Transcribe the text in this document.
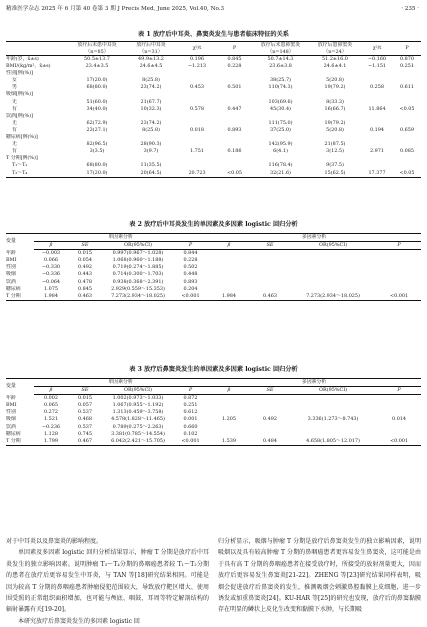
精准医学杂志 2025 年 6 月第 40 卷第 3 期 J Precis Med, June 2025, Vol.40, No.3	· 235 ·
表 1 放疗后中耳炎、鼻窦炎发生与患者临床特征的关系
	放疗后未患中耳炎
（n=85）	放疗后中耳炎
（n=31）	χ²/t	P	放疗后未患鼻窦炎
（n=148）	放疗后患鼻窦炎
（n=24）	χ²/t	P
年龄(岁，x̄±s)	50.5±13.7	49.9±13.2	0.196	0.845	50.7±14.3	51.2±16.0	−0.160	0.870
BMI/(kg/m²，x̄±s)	23.4±3.5	24.6±4.5	−1.213	0.228	23.6±3.8	24.6±4.1	−1.151	0.251
性别[例(%)]								
女	17(20.0)	8(25.8)			38(25.7)	5(20.8)		
男	68(80.0)	23(74.2)	0.453	0.501	110(74.3)	19(79.2)	0.258	0.611
吸烟[例(%)]								
无	51(60.0)	21(67.7)			103(69.6)	8(33.3)		
有	34(40.0)	10(32.3)	0.578	0.447	45(30.4)	16(66.7)	11.864	<0.05
饮酒[例(%)]								
无	62(72.9)	23(74.2)			111(75.0)	19(79.2)		
有	23(27.1)	8(25.8)	0.018	0.893	37(25.0)	5(20.8)	0.194	0.659
糖尿病[例(%)]								
无	82(96.5)	28(90.3)			142(95.9)	21(87.5)		
有	3(3.5)	3(9.7)	1.751	0.186	6(4.1)	3(12.5)	2.971	0.085
T 分期[例(%)]								
T₁～T₂	68(80.0)	11(35.5)			116(78.4)	9(37.5)		
T₃～T₄	17(20.0)	20(64.5)	20.723	<0.05	32(21.6)	15(62.5)	17.377	<0.05
表 2 放疗后中耳炎发生的单因素及多因素 logistic 回归分析
变量	单因素分析				多因素分析			
	β	SE	OR(95%CI)	P	β	SE	OR(95%CI)	P
年龄	−0.003	0.015	0.997(0.967～1.028)	0.844				
BMI	0.066	0.054	1.068(0.960～1.188)	0.228				
性别	−0.330	0.492	0.719(0.274～1.885)	0.502				
吸烟	−0.336	0.443	0.714(0.300～1.703)	0.448				
饮酒	−0.064	0.478	0.938(0.368～2.391)	0.893				
糖尿病	1.075	0.845	2.929(0.559～15.353)	0.204				
T 分期	1.984	0.463	7.273(2.934～18.025)	<0.001	1.984	0.463	7.273(2.934～18.025)	<0.001
表 3 放疗后鼻窦炎发生的单因素及多因素 logistic 回归分析
变量	单因素分析				多因素分析			
	β	SE	OR(95%CI)	P	β	SE	OR(95%CI)	P
年龄	0.002	0.015	1.002(0.973～1.033)	0.872				
BMI	0.065	0.057	1.067(0.955～1.192)	0.251				
性别	0.272	0.537	1.313(0.459～3.758)	0.612				
吸烟	1.521	0.468	4.578(1.828～11.465)	0.001	1.205	0.492	3.336(1.273～8.743)	0.014
饮酒	−0.236	0.537	0.789(0.275～2.263)	0.660				
糖尿病	1.128	0.745	3.381(0.785～14.554)	0.102				
T 分期	1.799	0.467	6.042(2.421～15.705)	<0.001	1.539	0.484	4.658(1.805～12.017)	<0.001

对于中耳炎以及鼻窦炎的影响程度。

单因素及多因素 logistic 回归分析结果显示，肿瘤 T 分期是放疗后中耳炎发生的独立影响因素。说明肿瘤 T₃～T₄分期的鼻咽癌患者较 T₁～T₂分期的患者在放疗后更容易发生中耳炎，与 TAN 等[18]研究结果相同。可能是因为较高 T 分期的鼻咽癌患者肿瘤侵犯范围较大，导致放疗靶区增大、使周围受照的正常组织面积增加，也可能与颅底、咽鼓、耳周等特定解剖结构的辐射暴露有关[19-20]。

本研究放疗后鼻窦炎发生的多因素 logistic 回

归分析显示，吸烟与肿瘤 T 分期是放疗后鼻窦炎发生的独立影响因素，说明吸烟以及具有较高肿瘤 T 分期的鼻咽癌患者更容易发生鼻窦炎，这可能是由于具有高 T 分期的鼻咽癌患者在接受放疗时，所接受的放射剂量更大，因而放疗后更容易发生鼻窦炎[21-22]。ZHENG 等[23]研究结果同样表明，吸烟会促进放疗后鼻窦炎的发生，推测吸烟会刺激鼻腔黏膜上皮细胞，进一步诱发或加重鼻窦炎[24]。KU-HAR 等[25]的研究也发现，放疗后的鼻窦黏膜存在明显的鳞状上皮化生改变和黏膜下水肿，与长期吸
